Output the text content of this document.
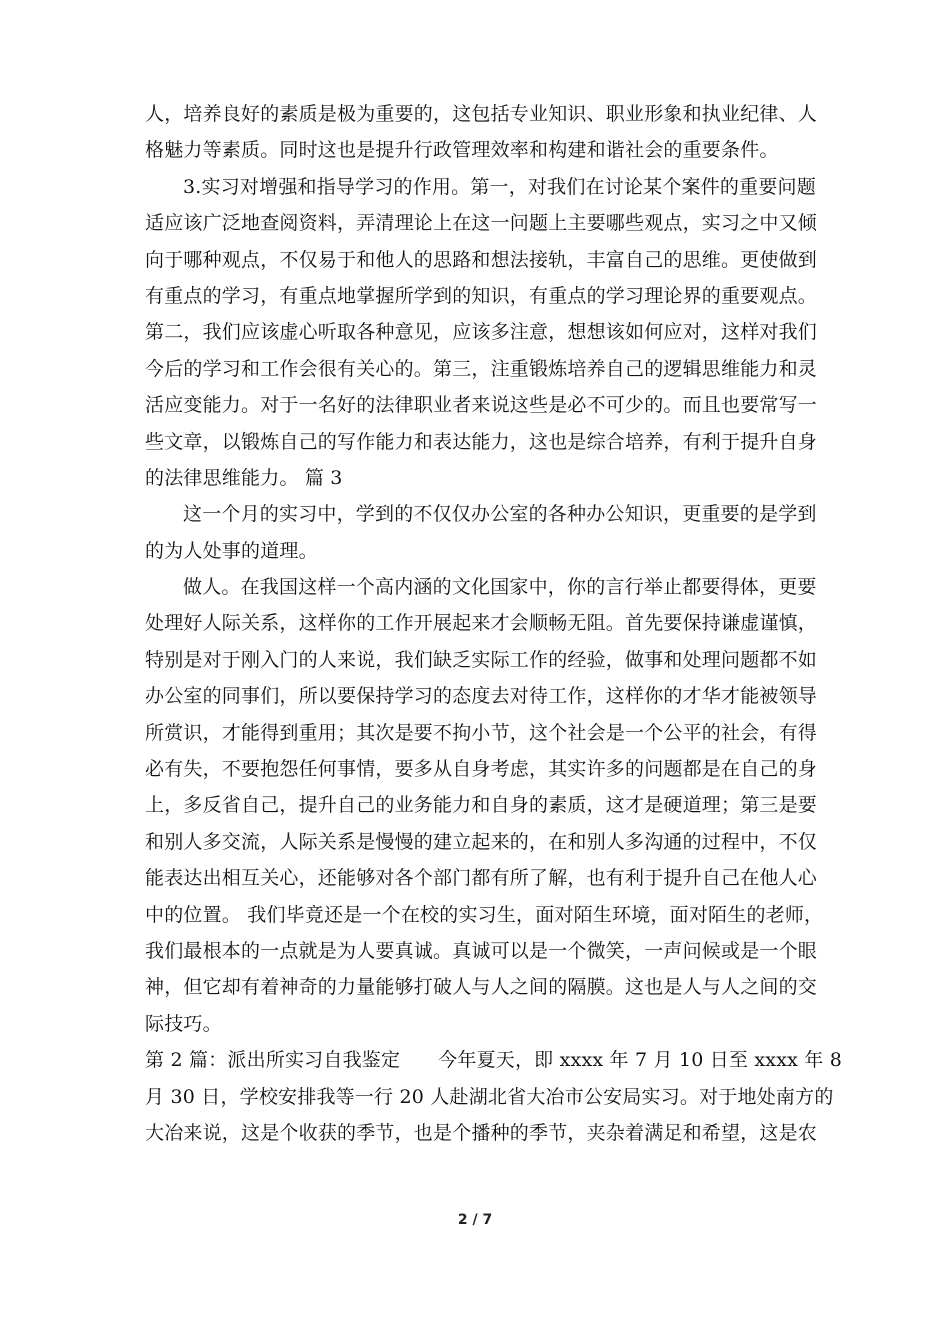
人，培养良好的素质是极为重要的，这包括专业知识、职业形象和执业纪律、人
格魅力等素质。同时这也是提升行政管理效率和构建和谐社会的重要条件。
3.实习对增强和指导学习的作用。第一，对我们在讨论某个案件的重要问题
适应该广泛地查阅资料，弄清理论上在这一问题上主要哪些观点，实习之中又倾
向于哪种观点，不仅易于和他人的思路和想法接轨，丰富自己的思维。更使做到
有重点的学习，有重点地掌握所学到的知识，有重点的学习理论界的重要观点。
第二，我们应该虚心听取各种意见，应该多注意，想想该如何应对，这样对我们
今后的学习和工作会很有关心的。第三，注重锻炼培养自己的逻辑思维能力和灵
活应变能力。对于一名好的法律职业者来说这些是必不可少的。而且也要常写一
些文章，以锻炼自己的写作能力和表达能力，这也是综合培养，有利于提升自身
的法律思维能力。 篇 3
这一个月的实习中，学到的不仅仅办公室的各种办公知识，更重要的是学到
的为人处事的道理。
做人。在我国这样一个高内涵的文化国家中，你的言行举止都要得体，更要
处理好人际关系，这样你的工作开展起来才会顺畅无阻。首先要保持谦虚谨慎，
特别是对于刚入门的人来说，我们缺乏实际工作的经验，做事和处理问题都不如
办公室的同事们，所以要保持学习的态度去对待工作，这样你的才华才能被领导
所赏识，才能得到重用；其次是要不拘小节，这个社会是一个公平的社会，有得
必有失，不要抱怨任何事情，要多从自身考虑，其实许多的问题都是在自己的身
上，多反省自己，提升自己的业务能力和自身的素质，这才是硬道理；第三是要
和别人多交流，人际关系是慢慢的建立起来的，在和别人多沟通的过程中，不仅
能表达出相互关心，还能够对各个部门都有所了解，也有利于提升自己在他人心
中的位置。 我们毕竟还是一个在校的实习生，面对陌生环境，面对陌生的老师，
我们最根本的一点就是为人要真诚。真诚可以是一个微笑，一声问候或是一个眼
神，但它却有着神奇的力量能够打破人与人之间的隔膜。这也是人与人之间的交
际技巧。
第 2 篇：派出所实习自我鉴定 今年夏天，即 xxxx 年 7 月 10 日至 xxxx 年 8
月 30 日，学校安排我等一行 20 人赴湖北省大冶市公安局实习。对于地处南方的
大冶来说，这是个收获的季节，也是个播种的季节，夹杂着满足和希望，这是农
2 / 7
